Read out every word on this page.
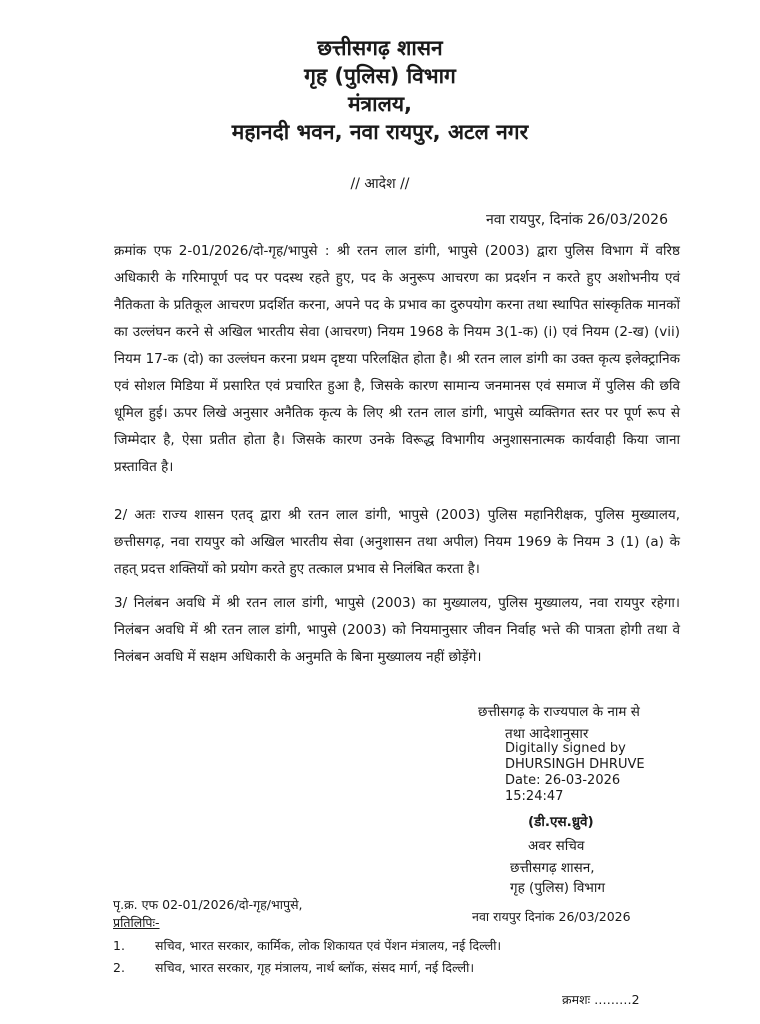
छत्तीसगढ़ शासन
गृह (पुलिस) विभाग
मंत्रालय,
महानदी भवन, नवा रायपुर, अटल नगर
// आदेश //
नवा रायपुर, दिनांक 26/03/2026
क्रमांक एफ 2-01/2026/दो-गृह/भापुसे : श्री रतन लाल डांगी, भापुसे (2003) द्वारा पुलिस विभाग में वरिष्ठ अधिकारी के गरिमापूर्ण पद पर पदस्थ रहते हुए, पद के अनुरूप आचरण का प्रदर्शन न करते हुए अशोभनीय एवं नैतिकता के प्रतिकूल आचरण प्रदर्शित करना, अपने पद के प्रभाव का दुरुपयोग करना तथा स्थापित सांस्कृतिक मानकों का उल्लंघन करने से अखिल भारतीय सेवा (आचरण) नियम 1968 के नियम 3(1-क) (i) एवं नियम (2-ख) (vii) नियम 17-क (दो) का उल्लंघन करना प्रथम दृष्टया परिलक्षित होता है। श्री रतन लाल डांगी का उक्त कृत्य इलेक्ट्रानिक एवं सोशल मिडिया में प्रसारित एवं प्रचारित हुआ है, जिसके कारण सामान्य जनमानस एवं समाज में पुलिस की छवि धूमिल हुई। ऊपर लिखे अनुसार अनैतिक कृत्य के लिए श्री रतन लाल डांगी, भापुसे व्यक्तिगत स्तर पर पूर्ण रूप से जिम्मेदार है, ऐसा प्रतीत होता है। जिसके कारण उनके विरूद्ध विभागीय अनुशासनात्मक कार्यवाही किया जाना प्रस्तावित है।
2/ अतः राज्य शासन एतद् द्वारा श्री रतन लाल डांगी, भापुसे (2003) पुलिस महानिरीक्षक, पुलिस मुख्यालय, छत्तीसगढ़, नवा रायपुर को अखिल भारतीय सेवा (अनुशासन तथा अपील) नियम 1969 के नियम 3 (1) (a) के तहत् प्रदत्त शक्तियों को प्रयोग करते हुए तत्काल प्रभाव से निलंबित करता है।
3/ निलंबन अवधि में श्री रतन लाल डांगी, भापुसे (2003) का मुख्यालय, पुलिस मुख्यालय, नवा रायपुर रहेगा। निलंबन अवधि में श्री रतन लाल डांगी, भापुसे (2003) को नियमानुसार जीवन निर्वाह भत्ते की पात्रता होगी तथा वे निलंबन अवधि में सक्षम अधिकारी के अनुमति के बिना मुख्यालय नहीं छोड़ेंगे।
छत्तीसगढ़ के राज्यपाल के नाम से
तथा आदेशानुसार
Digitally signed by
DHURSINGH DHRUVE
Date: 26-03-2026
15:24:47
(डी.एस.ध्रुवे)
अवर सचिव
छत्तीसगढ़ शासन,
गृह (पुलिस) विभाग
पृ.क्र. एफ 02-01/2026/दो-गृह/भापुसे,
नवा रायपुर दिनांक 26/03/2026
प्रतिलिपिः-
1. सचिव, भारत सरकार, कार्मिक, लोक शिकायत एवं पेंशन मंत्रालय, नई दिल्ली।
2. सचिव, भारत सरकार, गृह मंत्रालय, नार्थ ब्लॉक, संसद मार्ग, नई दिल्ली।
क्रमशः ………2
